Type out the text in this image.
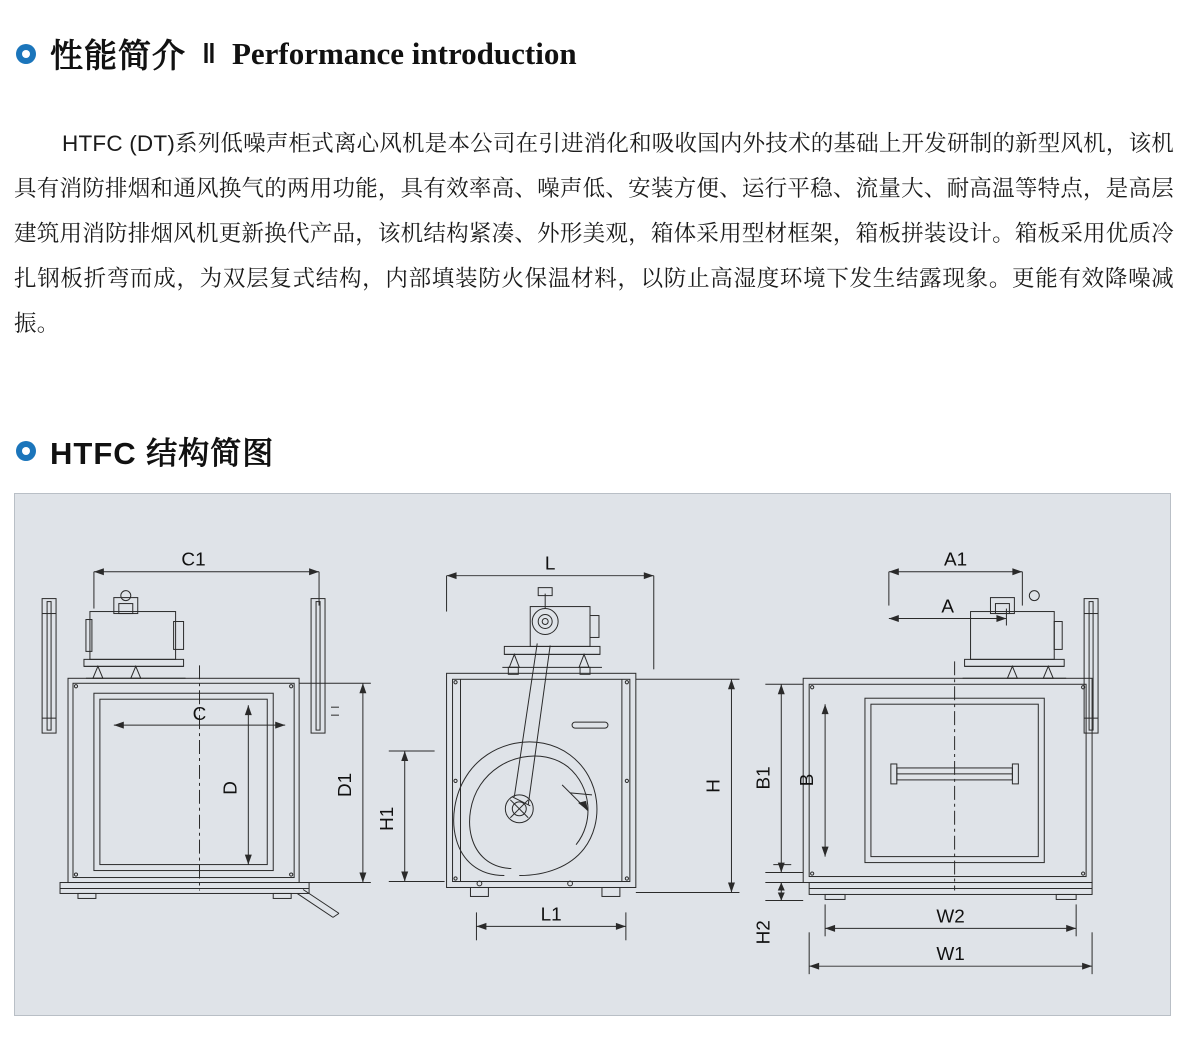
性能简介 ‖ Performance introduction

HTFC (DT)系列低噪声柜式离心风机是本公司在引进消化和吸收国内外技术的基础上开发研制的新型风机，该机具有消防排烟和通风换气的两用功能，具有效率高、噪声低、安装方便、运行平稳、流量大、耐高温等特点，是高层建筑用消防排烟风机更新换代产品，该机结构紧凑、外形美观，箱体采用型材框架，箱板拼装设计。箱板采用优质冷扎钢板折弯而成，为双层复式结构，内部填装防火保温材料，以防止高湿度环境下发生结露现象。更能有效降噪减振。

HTFC 结构简图
C1
C
D	D1
L
H1
L1
H
A1
A
B1 B
H2
W2
W1
